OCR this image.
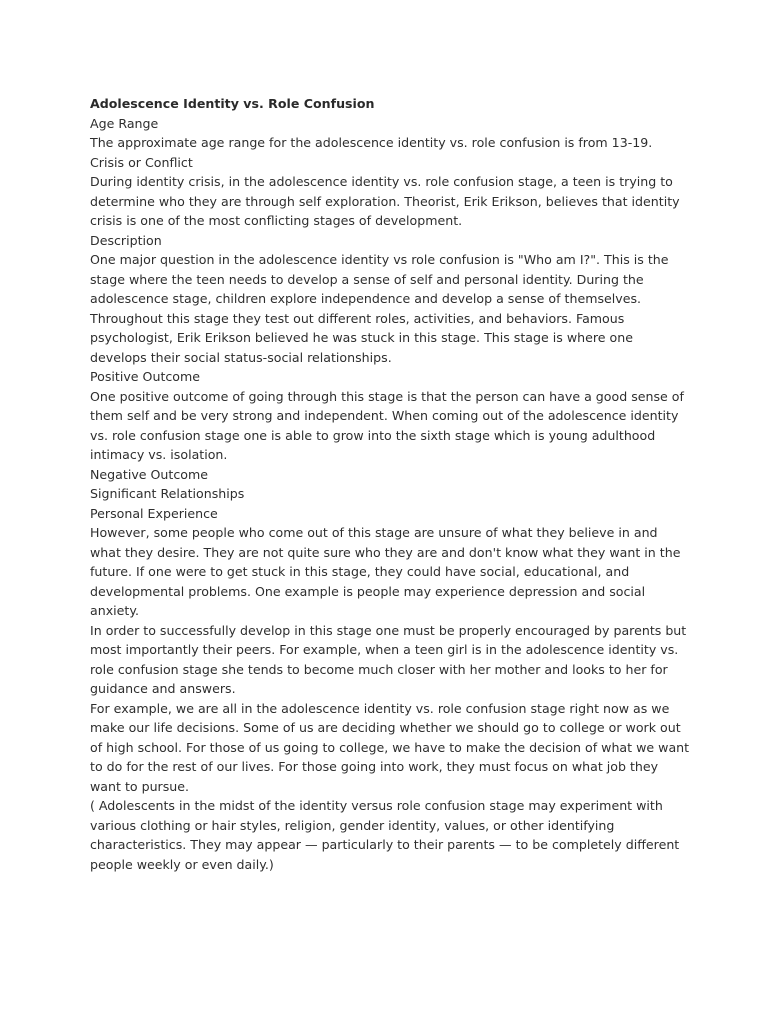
Adolescence Identity vs. Role Confusion

Age Range

The approximate age range for the adolescence identity vs. role confusion is from 13-19.

Crisis or Conflict

During identity crisis, in the adolescence identity vs. role confusion stage, a teen is trying to determine who they are through self exploration. Theorist, Erik Erikson, believes that identity crisis is one of the most conflicting stages of development.

Description

One major question in the adolescence identity vs role confusion is "Who am I?". This is the stage where the teen needs to develop a sense of self and personal identity. During the adolescence stage, children explore independence and develop a sense of themselves. Throughout this stage they test out different roles, activities, and behaviors. Famous psychologist, Erik Erikson believed he was stuck in this stage. This stage is where one develops their social status-social relationships.

Positive Outcome

One positive outcome of going through this stage is that the person can have a good sense of them self and be very strong and independent. When coming out of the adolescence identity vs. role confusion stage one is able to grow into the sixth stage which is young adulthood intimacy vs. isolation.

Negative Outcome

Significant Relationships

Personal Experience

However, some people who come out of this stage are unsure of what they believe in and what they desire. They are not quite sure who they are and don't know what they want in the future. If one were to get stuck in this stage, they could have social, educational, and developmental problems. One example is people may experience depression and social anxiety.

In order to successfully develop in this stage one must be properly encouraged by parents but most importantly their peers. For example, when a teen girl is in the adolescence identity vs. role confusion stage she tends to become much closer with her mother and looks to her for guidance and answers.

For example, we are all in the adolescence identity vs. role confusion stage right now as we make our life decisions. Some of us are deciding whether we should go to college or work out of high school. For those of us going to college, we have to make the decision of what we want to do for the rest of our lives. For those going into work, they must focus on what job they want to pursue.

( Adolescents in the midst of the identity versus role confusion stage may experiment with various clothing or hair styles, religion, gender identity, values, or other identifying characteristics. They may appear — particularly to their parents — to be completely different people weekly or even daily.)
